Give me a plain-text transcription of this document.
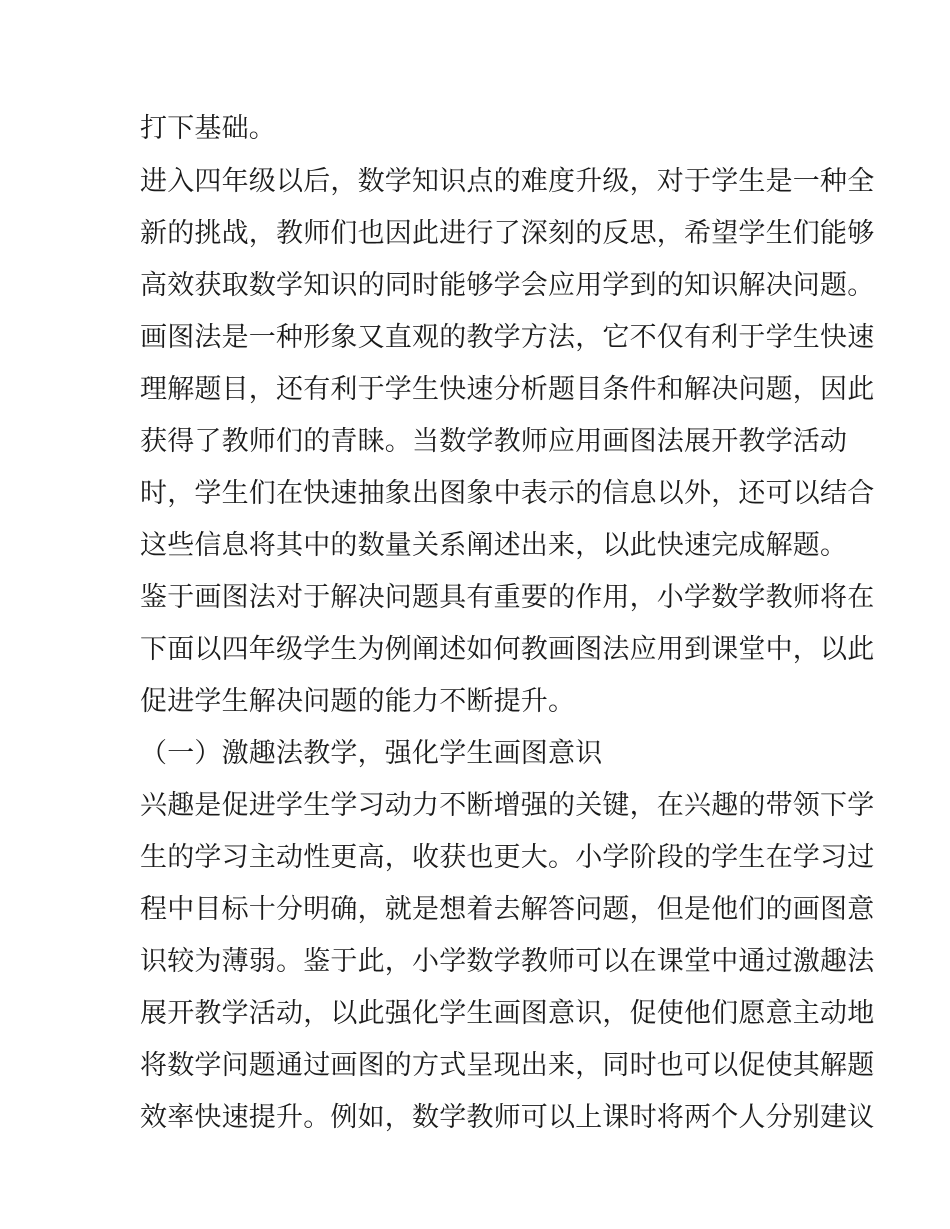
打下基础。
进入四年级以后，数学知识点的难度升级，对于学生是一种全
新的挑战，教师们也因此进行了深刻的反思，希望学生们能够
高效获取数学知识的同时能够学会应用学到的知识解决问题。
画图法是一种形象又直观的教学方法，它不仅有利于学生快速
理解题目，还有利于学生快速分析题目条件和解决问题，因此
获得了教师们的青睐。当数学教师应用画图法展开教学活动
时，学生们在快速抽象出图象中表示的信息以外，还可以结合
这些信息将其中的数量关系阐述出来，以此快速完成解题。
鉴于画图法对于解决问题具有重要的作用，小学数学教师将在
下面以四年级学生为例阐述如何教画图法应用到课堂中，以此
促进学生解决问题的能力不断提升。
（一）激趣法教学，强化学生画图意识
兴趣是促进学生学习动力不断增强的关键，在兴趣的带领下学
生的学习主动性更高，收获也更大。小学阶段的学生在学习过
程中目标十分明确，就是想着去解答问题，但是他们的画图意
识较为薄弱。鉴于此，小学数学教师可以在课堂中通过激趣法
展开教学活动，以此强化学生画图意识，促使他们愿意主动地
将数学问题通过画图的方式呈现出来，同时也可以促使其解题
效率快速提升。例如，数学教师可以上课时将两个人分别建议
